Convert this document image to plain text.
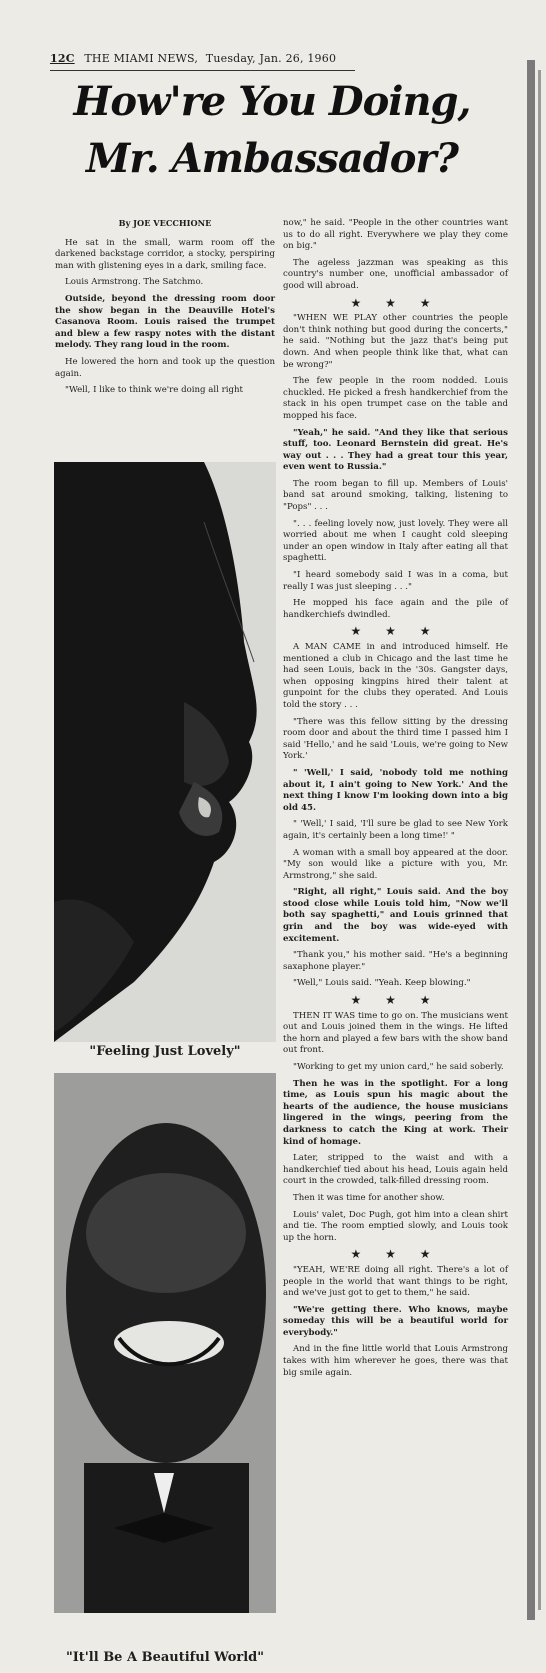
12C THE MIAMI NEWS, Tuesday, Jan. 26, 1960
How're You Doing,
Mr. Ambassador?

By JOE VECCHIONE

He sat in the small, warm room off the darkened backstage corridor, a stocky, perspiring man with glistening eyes in a dark, smiling face.

Louis Armstrong. The Satchmo.

Outside, beyond the dressing room door the show began in the Deauville Hotel's Casanova Room. Louis raised the trumpet and blew a few raspy notes with the distant melody. They rang loud in the room.

He lowered the horn and took up the question again.

"Well, I like to think we're doing all right

"Feeling Just Lovely"
"It'll Be A Beautiful World"

now," he said. "People in the other countries want us to do all right. Everywhere we play they come on big."

The ageless jazzman was speaking as this country's number one, unofficial ambassador of good will abroad.

★ ★ ★

"WHEN WE PLAY other countries the people don't think nothing but good during the concerts," he said. "Nothing but the jazz that's being put down. And when people think like that, what can be wrong?"

The few people in the room nodded. Louis chuckled. He picked a fresh handkerchief from the stack in his open trumpet case on the table and mopped his face.

"Yeah," he said. "And they like that serious stuff, too. Leonard Bernstein did great. He's way out . . . They had a great tour this year, even went to Russia."

The room began to fill up. Members of Louis' band sat around smoking, talking, listening to "Pops" . . .

". . . feeling lovely now, just lovely. They were all worried about me when I caught cold sleeping under an open window in Italy after eating all that spaghetti.

"I heard somebody said I was in a coma, but really I was just sleeping . . ."

He mopped his face again and the pile of handkerchiefs dwindled.

★ ★ ★

A MAN CAME in and introduced himself. He mentioned a club in Chicago and the last time he had seen Louis, back in the '30s. Gangster days, when opposing kingpins hired their talent at gunpoint for the clubs they operated. And Louis told the story . . .

"There was this fellow sitting by the dressing room door and about the third time I passed him I said 'Hello,' and he said 'Louis, we're going to New York.'

" 'Well,' I said, 'nobody told me nothing about it, I ain't going to New York.' And the next thing I know I'm looking down into a big old 45.

" 'Well,' I said, 'I'll sure be glad to see New York again, it's certainly been a long time!' "

A woman with a small boy appeared at the door. "My son would like a picture with you, Mr. Armstrong," she said.

"Right, all right," Louis said. And the boy stood close while Louis told him, "Now we'll both say spaghetti," and Louis grinned that grin and the boy was wide-eyed with excitement.

"Thank you," his mother said. "He's a beginning saxaphone player."

"Well," Louis said. "Yeah. Keep blowing."

★ ★ ★

THEN IT WAS time to go on. The musicians went out and Louis joined them in the wings. He lifted the horn and played a few bars with the show band out front.

"Working to get my union card," he said soberly.

Then he was in the spotlight. For a long time, as Louis spun his magic about the hearts of the audience, the house musicians lingered in the wings, peering from the darkness to catch the King at work. Their kind of homage.

Later, stripped to the waist and with a handkerchief tied about his head, Louis again held court in the crowded, talk-filled dressing room.

Then it was time for another show.

Louis' valet, Doc Pugh, got him into a clean shirt and tie. The room emptied slowly, and Louis took up the horn.

★ ★ ★

"YEAH, WE'RE doing all right. There's a lot of people in the world that want things to be right, and we've just got to get to them," he said.

"We're getting there. Who knows, maybe someday this will be a beautiful world for everybody."

And in the fine little world that Louis Armstrong takes with him wherever he goes, there was that big smile again.
